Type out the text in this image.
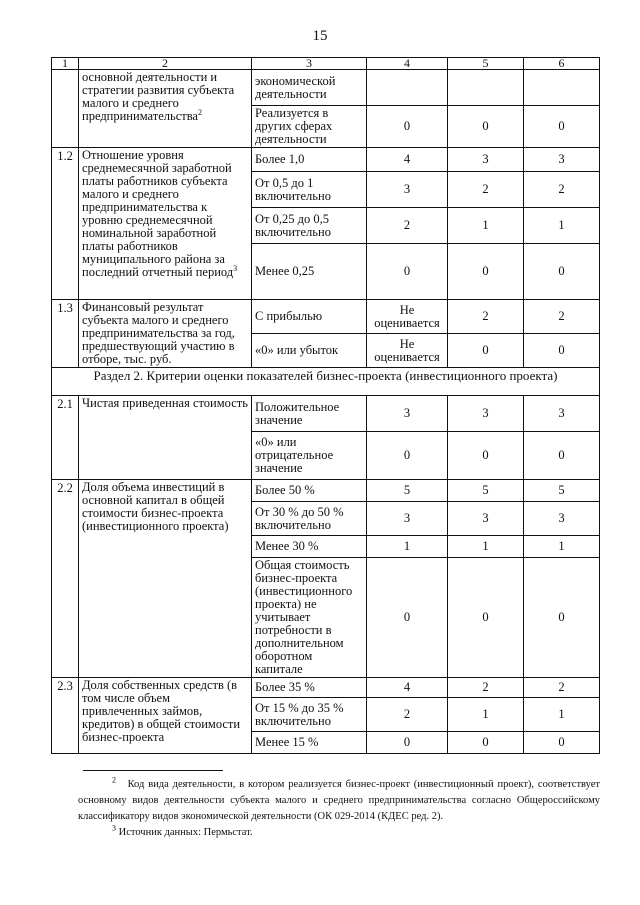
15
1	2	3	4	5	6
	основной деятельности и стратегии развития субъекта малого и среднего предпринимательства$^2$	экономической деятельности			
		Реализуется в других сферах деятельности	0	0	0
1.2	Отношение уровня среднемесячной заработной платы работников субъекта малого и среднего предпринимательства к уровню среднемесячной номинальной заработной платы работников муниципального района за последний отчетный период$^3$	Более 1,0	4	3	3
		От 0,5 до 1 включительно	3	2	2
		От 0,25 до 0,5 включительно	2	1	1
		Менее 0,25	0	0	0
1.3	Финансовый результат субъекта малого и среднего предпринимательства за год, предшествующий участию в отборе, тыс. руб.	С прибылью	Не оценивается	2	2
		«0» или убыток	Не оценивается	0	0
Раздел 2. Критерии оценки показателей бизнес-проекта (инвестиционного проекта)					
2.1	Чистая приведенная стоимость	Положительное значение	3	3	3
		«0» или отрицательное значение	0	0	0
2.2	Доля объема инвестиций в основной капитал в общей стоимости бизнес-проекта (инвестиционного проекта)	Более 50 %	5	5	5
		От 30 % до 50 % включительно	3	3	3
		Менее 30 %	1	1	1
		Общая стоимость бизнес-проекта (инвестиционного проекта) не учитывает потребности в дополнительном оборотном капитале	0	0	0
2.3	Доля собственных средств (в том числе объем привлеченных займов, кредитов) в общей стоимости бизнес-проекта	Более 35 %	4	2	2
		От 15 % до 35 % включительно	2	1	1
		Менее 15 %	0	0	0

$^2$ Код вида деятельности, в котором реализуется бизнес-проект (инвестиционный проект), соответствует основному видов деятельности субъекта малого и среднего предпринимательства согласно Общероссийскому классификатору видов экономической деятельности (ОК 029-2014 (КДЕС ред. 2).

$^3$ Источник данных: Пермьстат.
